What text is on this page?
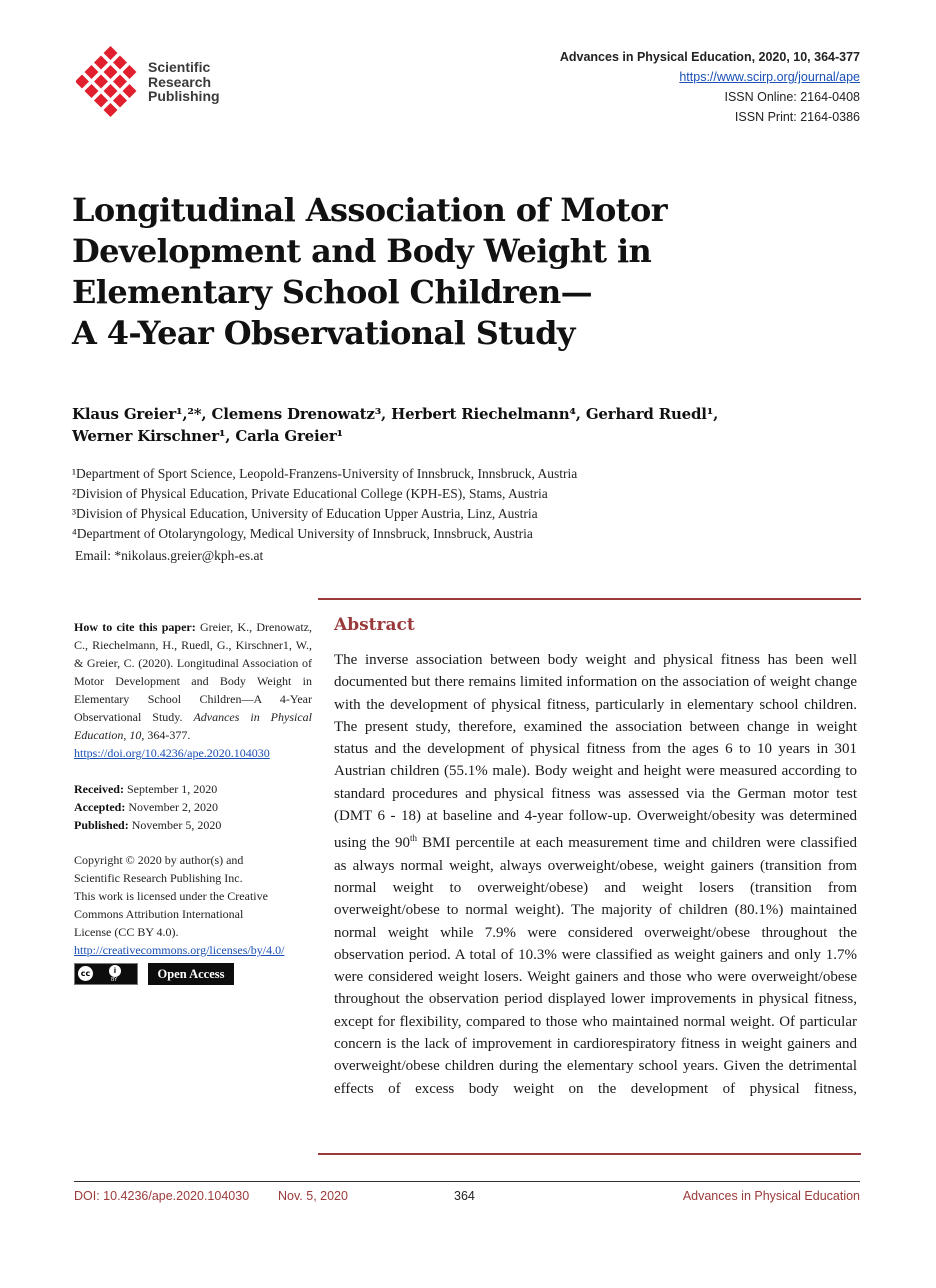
Scientific
Research
Publishing
Advances in Physical Education, 2020, 10, 364-377
https://www.scirp.org/journal/ape
ISSN Online: 2164-0408
ISSN Print: 2164-0386
Longitudinal Association of Motor
Development and Body Weight in
Elementary School Children—
A 4-Year Observational Study
Klaus Greier¹,²*, Clemens Drenowatz³, Herbert Riechelmann⁴, Gerhard Ruedl¹,
Werner Kirschner¹, Carla Greier¹
¹Department of Sport Science, Leopold-Franzens-University of Innsbruck, Innsbruck, Austria
²Division of Physical Education, Private Educational College (KPH-ES), Stams, Austria
³Division of Physical Education, University of Education Upper Austria, Linz, Austria
⁴Department of Otolaryngology, Medical University of Innsbruck, Innsbruck, Austria
Email: *nikolaus.greier@kph-es.at
How to cite this paper: Greier, K., Drenowatz, C., Riechelmann, H., Ruedl, G., Kirschner1, W., & Greier, C. (2020). Longitudinal Association of Motor Development and Body Weight in Elementary School Children—A 4-Year Observational Study. Advances in Physical Education, 10, 364-377.
https://doi.org/10.4236/ape.2020.104030
Received: September 1, 2020
Accepted: November 2, 2020
Published: November 5, 2020
Copyright © 2020 by author(s) and
Scientific Research Publishing Inc.
This work is licensed under the Creative
Commons Attribution International
License (CC BY 4.0).
http://creativecommons.org/licenses/by/4.0/
cc	i
BY	Open Access
Abstract

The inverse association between body weight and physical fitness has been well documented but there remains limited information on the association of weight change with the development of physical fitness, particularly in elementary school children. The present study, therefore, examined the association between change in weight status and the development of physical fitness from the ages 6 to 10 years in 301 Austrian children (55.1% male). Body weight and height were measured according to standard procedures and physical fitness was assessed via the German motor test (DMT 6 - 18) at baseline and 4-year follow-up. Overweight/obesity was determined using the 90th BMI percentile at each measurement time and children were classified as always normal weight, always overweight/obese, weight gainers (transition from normal weight to overweight/obese) and weight losers (transition from overweight/obese to normal weight). The majority of children (80.1%) maintained normal weight while 7.9% were considered overweight/obese throughout the observation period. A total of 10.3% were classified as weight gainers and only 1.7% were considered weight losers. Weight gainers and those who were overweight/obese throughout the observation period displayed lower improvements in physical fitness, except for flexibility, compared to those who maintained normal weight. Of particular concern is the lack of improvement in cardiorespiratory fitness in weight gainers and overweight/obese children during the elementary school years. Given the detrimental effects of excess body weight on the development of physical fitness,

DOI: 10.4236/ape.2020.104030 Nov. 5, 2020	364	Advances in Physical Education
